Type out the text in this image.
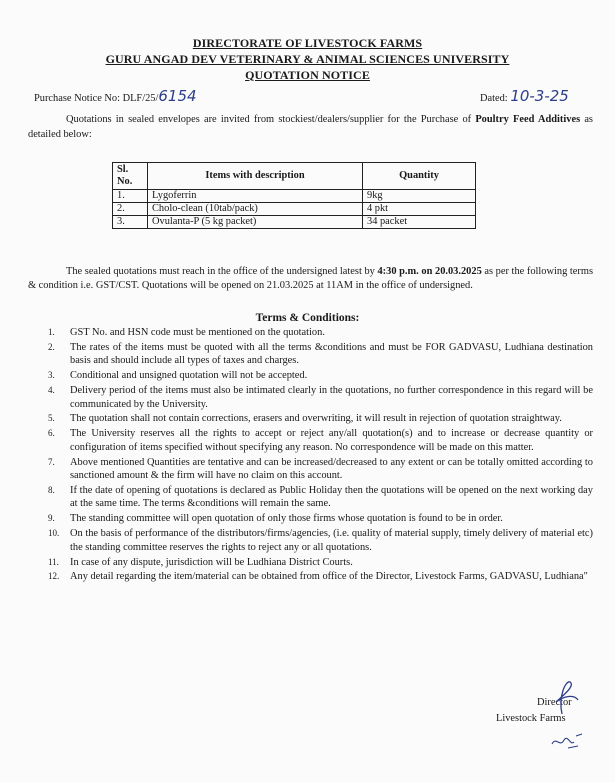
DIRECTORATE OF LIVESTOCK FARMS
GURU ANGAD DEV VETERINARY & ANIMAL SCIENCES UNIVERSITY
QUOTATION NOTICE
Purchase Notice No: DLF/25/6154	Dated: 10-3-25
Quotations in sealed envelopes are invited from stockiest/dealers/supplier for the Purchase of Poultry Feed Additives as detailed below:
Sl. No.	Items with description	Quantity
1.	Lygoferrin	9kg
2.	Cholo-clean (10tab/pack)	4 pkt
3.	Ovulanta-P (5 kg packet)	34 packet
The sealed quotations must reach in the office of the undersigned latest by 4:30 p.m. on 20.03.2025 as per the following terms & condition i.e. GST/CST. Quotations will be opened on 21.03.2025 at 11AM in the office of undersigned.
Terms & Conditions:
1. GST No. and HSN code must be mentioned on the quotation.
2. The rates of the items must be quoted with all the terms &conditions and must be FOR GADVASU, Ludhiana destination basis and should include all types of taxes and charges.
3. Conditional and unsigned quotation will not be accepted.
4. Delivery period of the items must also be intimated clearly in the quotations, no further correspondence in this regard will be communicated by the University.
5. The quotation shall not contain corrections, erasers and overwriting, it will result in rejection of quotation straightway.
6. The University reserves all the rights to accept or reject any/all quotation(s) and to increase or decrease quantity or configuration of items specified without specifying any reason. No correspondence will be made on this matter.
7. Above mentioned Quantities are tentative and can be increased/decreased to any extent or can be totally omitted according to sanctioned amount & the firm will have no claim on this account.
8. If the date of opening of quotations is declared as Public Holiday then the quotations will be opened on the next working day at the same time. The terms &conditions will remain the same.
9. The standing committee will open quotation of only those firms whose quotation is found to be in order.
10. On the basis of performance of the distributors/firms/agencies, (i.e. quality of material supply, timely delivery of material etc) the standing committee reserves the rights to reject any or all quotations.
11. In case of any dispute, jurisdiction will be Ludhiana District Courts.
12. Any detail regarding the item/material can be obtained from office of the Director, Livestock Farms, GADVASU, Ludhiana"
Director
Livestock Farms
